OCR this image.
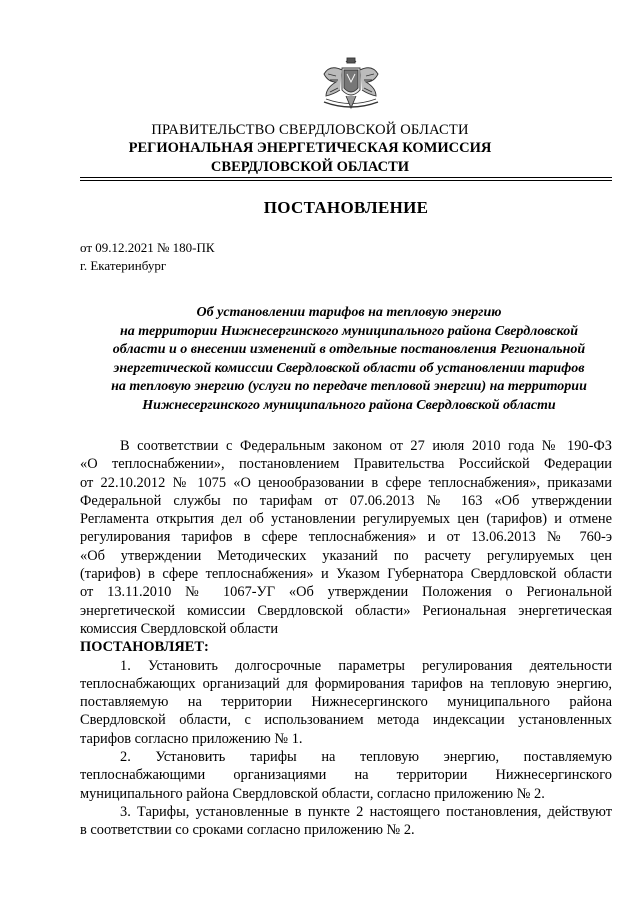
ПРАВИТЕЛЬСТВО СВЕРДЛОВСКОЙ ОБЛАСТИ
РЕГИОНАЛЬНАЯ ЭНЕРГЕТИЧЕСКАЯ КОМИССИЯ
СВЕРДЛОВСКОЙ ОБЛАСТИ
ПОСТАНОВЛЕНИЕ
от 09.12.2021 № 180-ПК
г. Екатеринбург
Об установлении тарифов на тепловую энергию
на территории Нижнесергинского муниципального района Свердловской
области и о внесении изменений в отдельные постановления Региональной
энергетической комиссии Свердловской области об установлении тарифов
на тепловую энергию (услуги по передаче тепловой энергии) на территории
Нижнесергинского муниципального района Свердловской области
В соответствии с Федеральным законом от 27 июля 2010 года № 190-ФЗ
«О теплоснабжении», постановлением Правительства Российской Федерации
от 22.10.2012 № 1075 «О ценообразовании в сфере теплоснабжения», приказами
Федеральной службы по тарифам от 07.06.2013 № 163 «Об утверждении
Регламента открытия дел об установлении регулируемых цен (тарифов) и отмене
регулирования тарифов в сфере теплоснабжения» и от 13.06.2013 № 760-э
«Об утверждении Методических указаний по расчету регулируемых цен
(тарифов) в сфере теплоснабжения» и Указом Губернатора Свердловской области
от 13.11.2010 № 1067-УГ «Об утверждении Положения о Региональной
энергетической комиссии Свердловской области» Региональная энергетическая
комиссия Свердловской области
ПОСТАНОВЛЯЕТ:
1. Установить долгосрочные параметры регулирования деятельности
теплоснабжающих организаций для формирования тарифов на тепловую энергию,
поставляемую на территории Нижнесергинского муниципального района
Свердловской области, с использованием метода индексации установленных
тарифов согласно приложению № 1.
2. Установить тарифы на тепловую энергию, поставляемую
теплоснабжающими организациями на территории Нижнесергинского
муниципального района Свердловской области, согласно приложению № 2.
3. Тарифы, установленные в пункте 2 настоящего постановления, действуют
в соответствии со сроками согласно приложению № 2.
